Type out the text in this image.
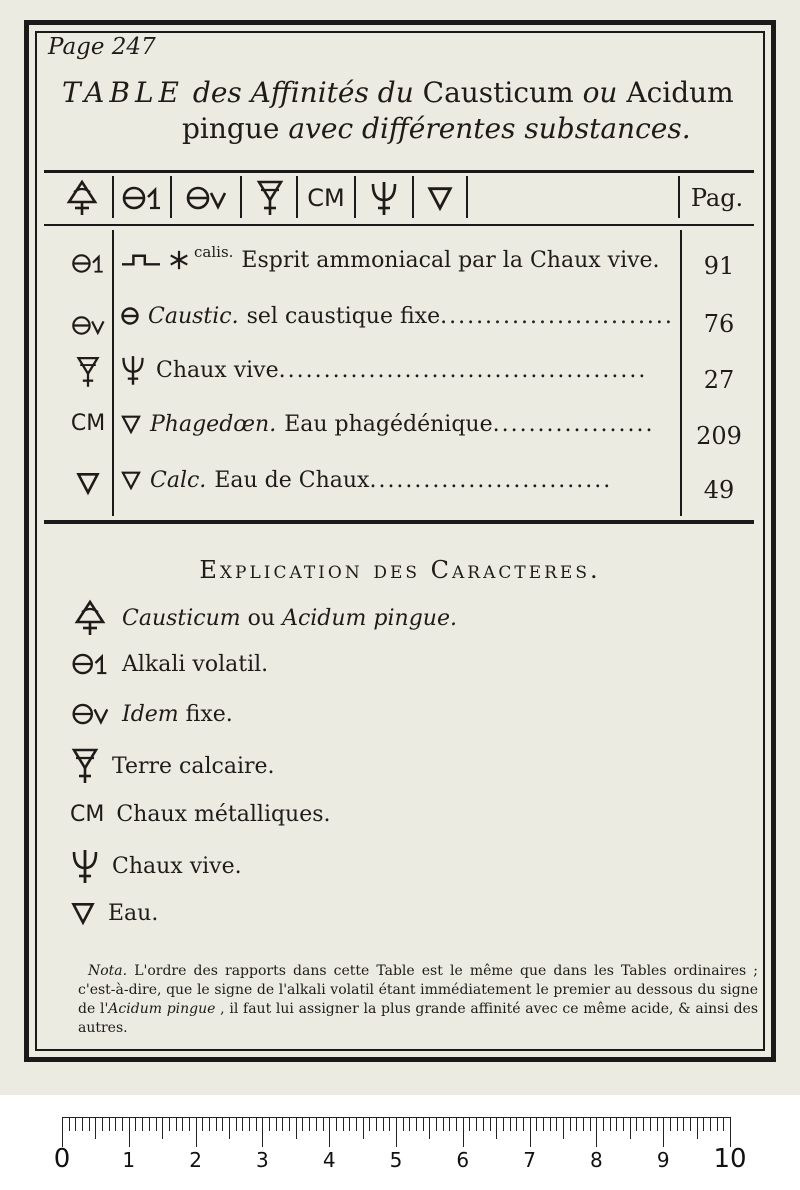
Page 247
TABLE des Affinités du Causticum ou Acidum
pingue avec différentes substances.
CM	Pag.
$^{calis.}$ Esprit ammoniacal par la Chaux vive.	91
Caustic. sel caustique fixe ..........................	76
Chaux vive .........................................	27
CM	Phagedœn. Eau phagédénique ..................	209
Calc. Eau de Chaux ...........................	49
Explication des Caracteres.
Causticum
ou
Acidum pingue.
Alkali volatil.
Idem
fixe.
Terre calcaire.
CM Chaux métalliques.
Chaux vive.
Eau.
Nota. L'ordre des rapports dans cette Table est le même que dans les Tables ordinaires ; c'est-à-dire, que le signe de l'alkali volatil étant immédiatement le premier au dessous du signe de l'Acidum pingue , il faut lui assigner la plus grande affinité avec ce même acide, & ainsi des autres.
0	1	2	3	4	5	6	7	8	9 10
